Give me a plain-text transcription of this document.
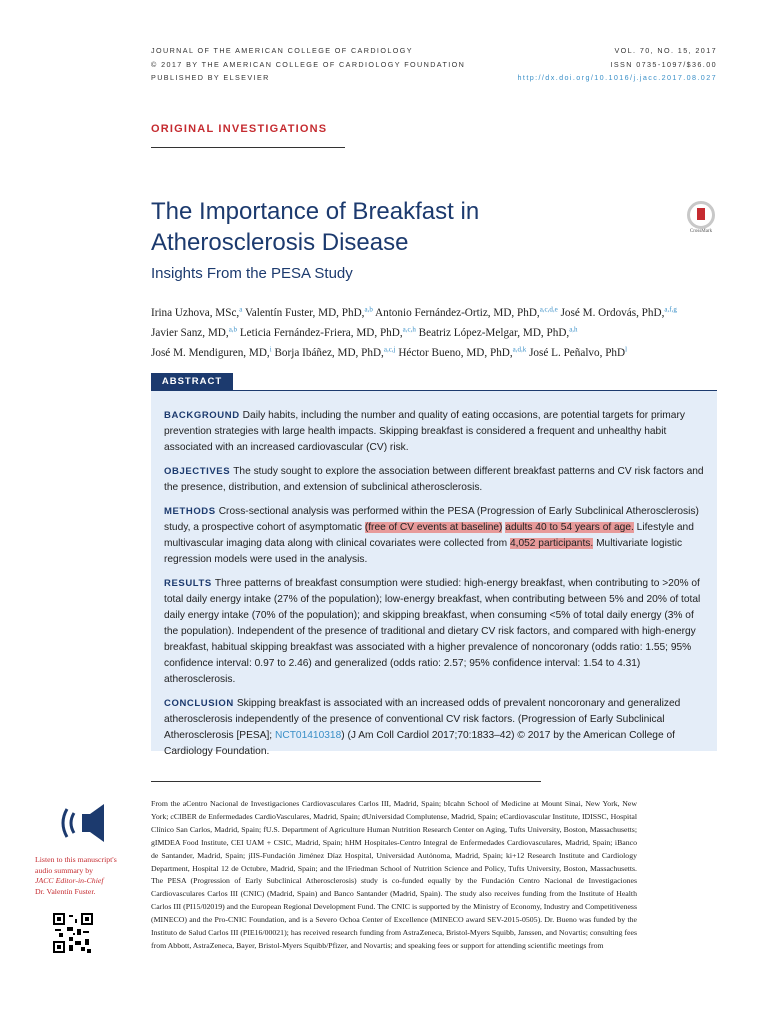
JOURNAL OF THE AMERICAN COLLEGE OF CARDIOLOGY
© 2017 BY THE AMERICAN COLLEGE OF CARDIOLOGY FOUNDATION
PUBLISHED BY ELSEVIER
VOL. 70, NO. 15, 2017
ISSN 0735-1097/$36.00
http://dx.doi.org/10.1016/j.jacc.2017.08.027
ORIGINAL INVESTIGATIONS
The Importance of Breakfast in
Atherosclerosis Disease
Insights From the PESA Study
CrossMark
Irina Uzhova, MSc,$^a$ Valentín Fuster, MD, PhD,$^{a,b}$ Antonio Fernández-Ortiz, MD, PhD,$^{a,c,d,e}$ José M. Ordovás, PhD,$^{a,f,g}$
Javier Sanz, MD,$^{a,b}$ Leticia Fernández-Friera, MD, PhD,$^{a,c,h}$ Beatriz López-Melgar, MD, PhD,$^{a,h}$
José M. Mendiguren, MD,$^i$ Borja Ibáñez, MD, PhD,$^{a,c,j}$ Héctor Bueno, MD, PhD,$^{a,d,k}$ José L. Peñalvo, PhD$^l$
ABSTRACT

BACKGROUND Daily habits, including the number and quality of eating occasions, are potential targets for primary prevention strategies with large health impacts. Skipping breakfast is considered a frequent and unhealthy habit associated with an increased cardiovascular (CV) risk.

OBJECTIVES The study sought to explore the association between different breakfast patterns and CV risk factors and the presence, distribution, and extension of subclinical atherosclerosis.

METHODS Cross-sectional analysis was performed within the PESA (Progression of Early Subclinical Atherosclerosis) study, a prospective cohort of asymptomatic (free of CV events at baseline) adults 40 to 54 years of age. Lifestyle and multivascular imaging data along with clinical covariates were collected from 4,052 participants. Multivariate logistic regression models were used in the analysis.

RESULTS Three patterns of breakfast consumption were studied: high-energy breakfast, when contributing to >20% of total daily energy intake (27% of the population); low-energy breakfast, when contributing between 5% and 20% of total daily energy intake (70% of the population); and skipping breakfast, when consuming <5% of total daily energy (3% of the population). Independent of the presence of traditional and dietary CV risk factors, and compared with high-energy breakfast, habitual skipping breakfast was associated with a higher prevalence of noncoronary (odds ratio: 1.55; 95% confidence interval: 0.97 to 2.46) and generalized (odds ratio: 2.57; 95% confidence interval: 1.54 to 4.31) atherosclerosis.

CONCLUSION Skipping breakfast is associated with an increased odds of prevalent noncoronary and generalized atherosclerosis independently of the presence of conventional CV risk factors. (Progression of Early Subclinical Atherosclerosis [PESA]; NCT01410318) (J Am Coll Cardiol 2017;70:1833–42) © 2017 by the American College of Cardiology Foundation.

From the aCentro Nacional de Investigaciones Cardiovasculares Carlos III, Madrid, Spain; bIcahn School of Medicine at Mount Sinai, New York, New York; cCIBER de Enfermedades CardioVasculares, Madrid, Spain; dUniversidad Complutense, Madrid, Spain; eCardiovascular Institute, IDISSC, Hospital Clínico San Carlos, Madrid, Spain; fU.S. Department of Agriculture Human Nutrition Research Center on Aging, Tufts University, Boston, Massachusetts; gIMDEA Food Institute, CEI UAM + CSIC, Madrid, Spain; hHM Hospitales-Centro Integral de Enfermedades Cardiovasculares, Madrid, Spain; iBanco de Santander, Madrid, Spain; jIIS-Fundación Jiménez Díaz Hospital, Universidad Autónoma, Madrid, Spain; ki+12 Research Institute and Cardiology Department, Hospital 12 de Octubre, Madrid, Spain; and the lFriedman School of Nutrition Science and Policy, Tufts University, Boston, Massachusetts. The PESA (Progression of Early Subclinical Atherosclerosis) study is co-funded equally by the Fundación Centro Nacional de Investigaciones Cardiovasculares Carlos III (CNIC) (Madrid, Spain) and Banco Santander (Madrid, Spain). The study also receives funding from the Institute of Health Carlos III (PI15/02019) and the European Regional Development Fund. The CNIC is supported by the Ministry of Economy, Industry and Competitiveness (MINECO) and the Pro-CNIC Foundation, and is a Severo Ochoa Center of Excellence (MINECO award SEV-2015-0505). Dr. Bueno was funded by the Instituto de Salud Carlos III (PIE16/00021); has received research funding from AstraZeneca, Bristol-Myers Squibb, Janssen, and Novartis; consulting fees from Abbott, AstraZeneca, Bayer, Bristol-Myers Squibb/Pfizer, and Novartis; and speaking fees or support for attending scientific meetings from
Listen to this manuscript's
audio summary by
JACC Editor-in-Chief
Dr. Valentín Fuster.
